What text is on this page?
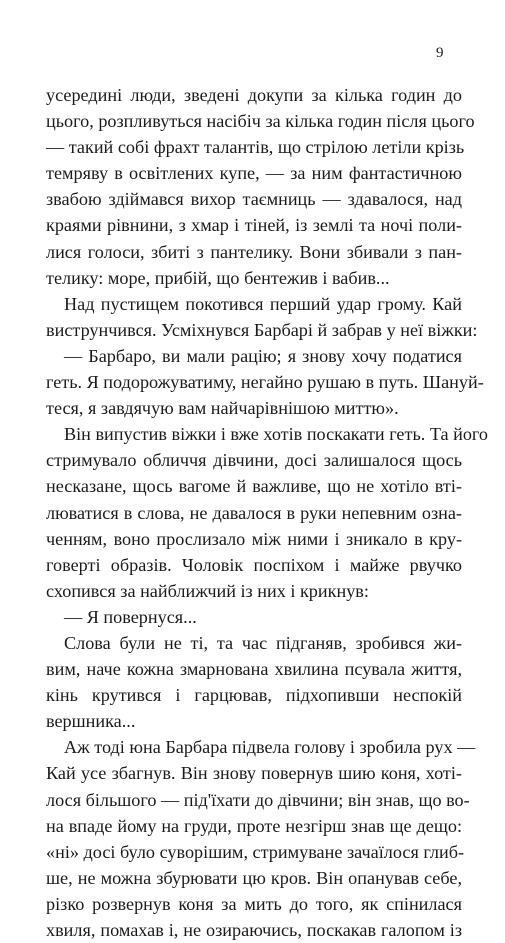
9
усередині люди, зведені докупи за кілька годин до
цього, розпливуться насібіч за кілька годин після цього
— такий собі фрахт талантів, що стрілою летіли крізь
темряву в освітлених купе, — за ним фантастичною
звабою здіймався вихор таємниць — здавалося, над
краями рівнини, з хмар і тіней, із землі та ночі поли-
лися голоси, збиті з пантелику. Вони збивали з пан-
телику: море, прибій, що бентежив і вабив...
Над пустищем покотився перший удар грому. Кай
виструнчився. Усміхнувся Барбарі й забрав у неї віжки:
— Барбаро, ви мали рацію; я знову хочу податися
геть. Я подорожуватиму, негайно рушаю в путь. Шануй-
теся, я завдячую вам найчарівнішою миттю».
Він випустив віжки і вже хотів поскакати геть. Та його
стримувало обличчя дівчини, досі залишалося щось
несказане, щось вагоме й важливе, що не хотіло вті-
люватися в слова, не давалося в руки непевним озна-
ченням, воно прослизало між ними і зникало в кру-
говерті образів. Чоловік поспіхом і майже рвучко
схопився за найближчий із них і крикнув:
— Я повернуся...
Слова були не ті, та час підганяв, зробився жи-
вим, наче кожна змарнована хвилина псувала життя,
кінь крутився і гарцював, підхопивши неспокій
вершника...
Аж тоді юна Барбара підвела голову і зробила рух —
Кай усе збагнув. Він знову повернув шию коня, хоті-
лося більшого — під'їхати до дівчини; він знав, що во-
на впаде йому на груди, проте незгірш знав ще дещо:
«ні» досі було суворішим, стримуване зачаїлося глиб-
ше, не можна збурювати цю кров. Він опанував себе,
різко розвернув коня за мить до того, як спінилася
хвиля, помахав і, не озираючись, поскакав галопом із
